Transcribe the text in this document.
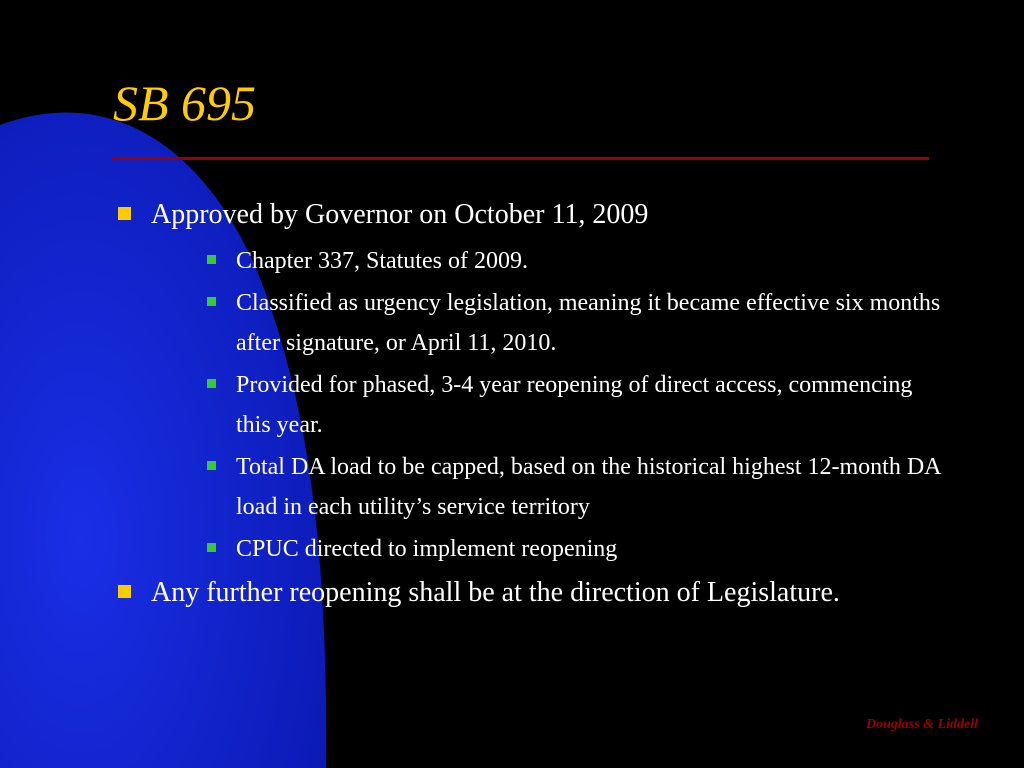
SB 695
Approved by Governor on October 11, 2009
Chapter 337, Statutes of 2009.
Classified as urgency legislation, meaning it became effective six months after signature, or April 11, 2010.
Provided for phased, 3-4 year reopening of direct access, commencing this year.
Total DA load to be capped, based on the historical highest 12-month DA load in each utility’s service territory
CPUC directed to implement reopening
Any further reopening shall be at the direction of Legislature.
Douglass & Liddell
